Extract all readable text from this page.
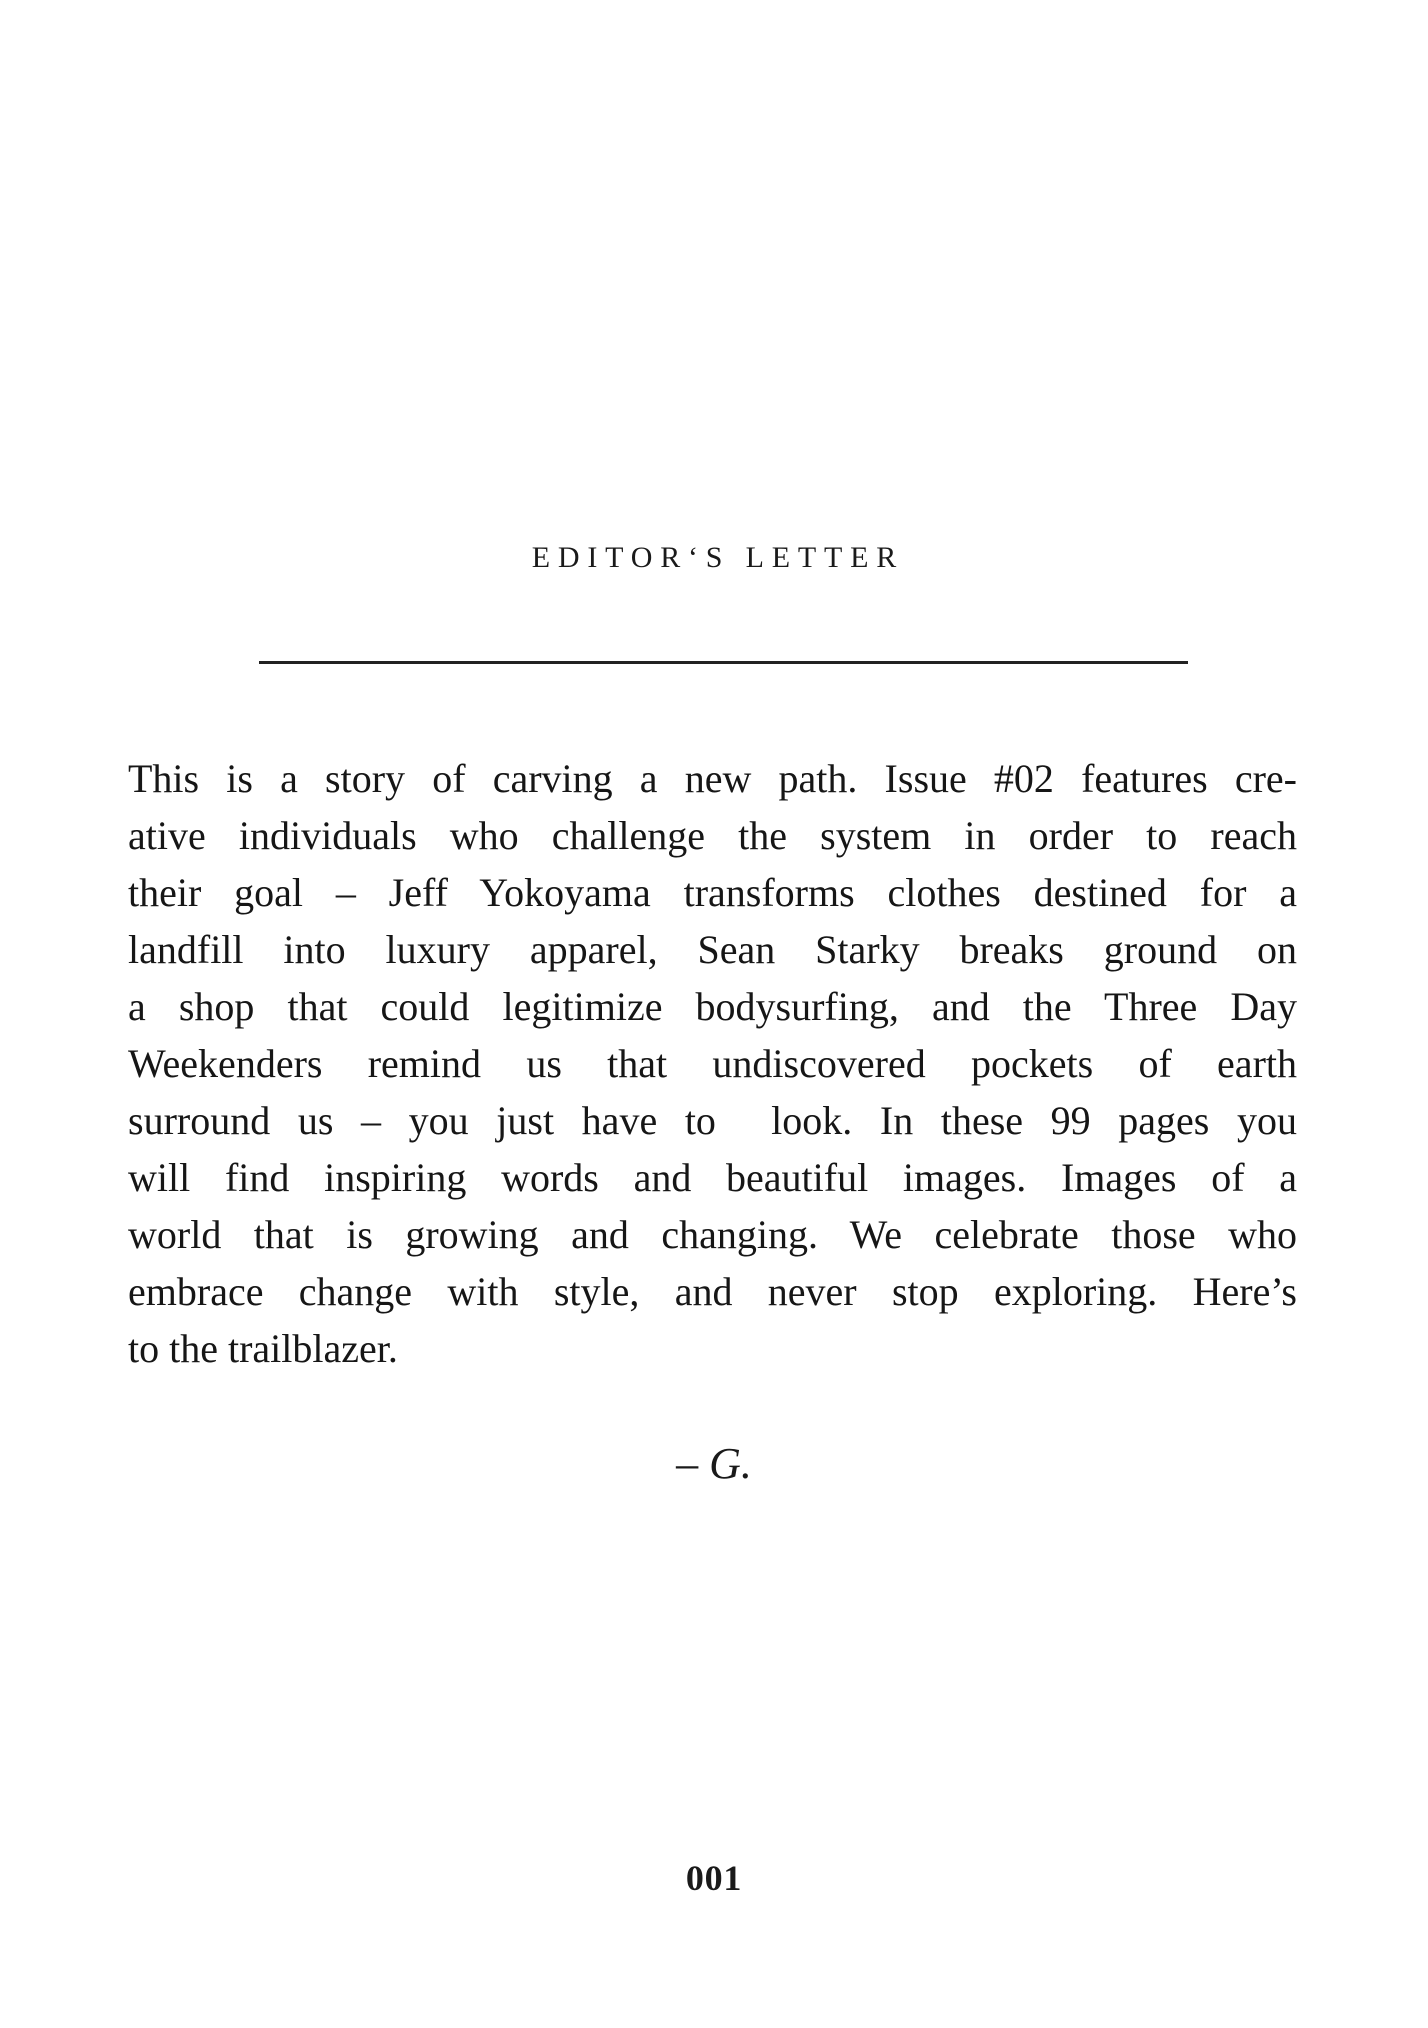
EDITOR‘S LETTER
This is a story of carving a new path. Issue #02 features cre-
ative individuals who challenge the system in order to reach
their goal – Jeff Yokoyama transforms clothes destined for a
landfill into luxury apparel, Sean Starky breaks ground on
a shop that could legitimize bodysurfing, and the Three Day
Weekenders remind us that undiscovered pockets of earth
surround us – you just have to  look. In these 99 pages you
will find inspiring words and beautiful images. Images of a
world that is growing and changing. We celebrate those who
embrace change with style, and never stop exploring. Here’s
to the trailblazer.
– G.
001
